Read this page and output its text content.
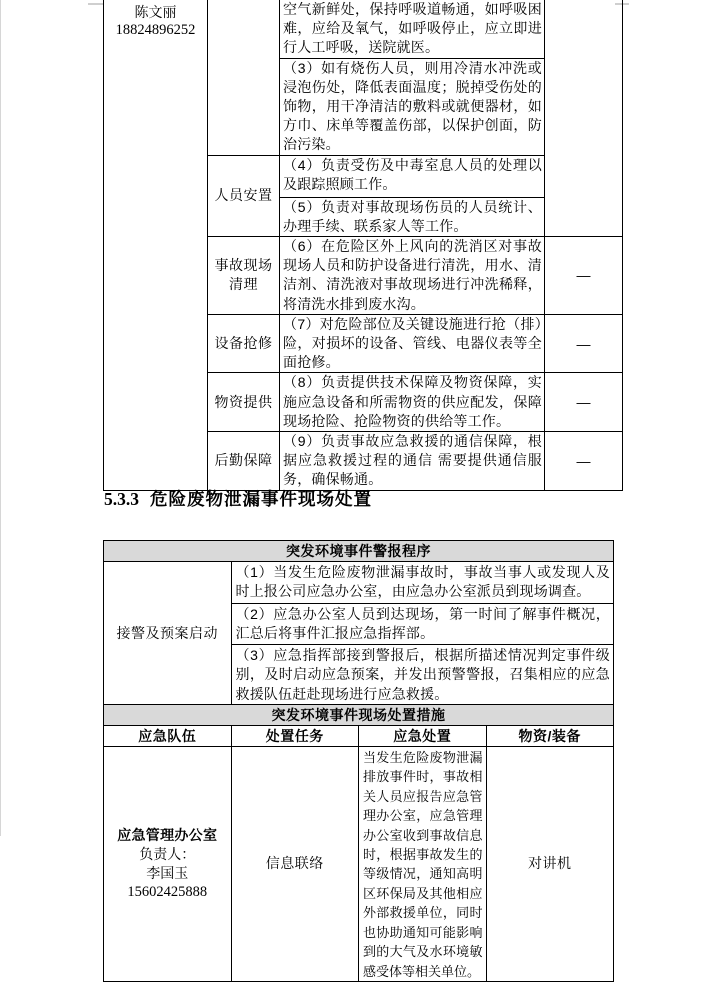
陈文丽
18824896252		空气新鲜处，保持呼吸道畅通，如呼吸困难，应给及氧气，如呼吸停止，应立即进行人工呼吸，送院就医。	
		（3）如有烧伤人员，则用冷清水冲洗或浸泡伤处，降低表面温度；脱掉受伤处的饰物，用干净清洁的敷料或就便器材，如方巾、床单等覆盖伤部，以保护创面，防治污染。	
	人员安置	（4）负责受伤及中毒室息人员的处理以及跟踪照顾工作。	
		（5）负责对事故现场伤员的人员统计、办理手续、联系家人等工作。	
	事故现场清理	（6）在危险区外上风向的洗消区对事故现场人员和防护设备进行清洗，用水、清洁剂、清洗液对事故现场进行冲洗稀释，将清洗水排到废水沟。	—
	设备抢修	（7）对危险部位及关键设施进行抢（排）险，对损坏的设备、管线、电器仪表等全面抢修。	—
	物资提供	（8）负责提供技术保障及物资保障，实施应急设备和所需物资的供应配发，保障现场抢险、抢险物资的供给等工作。	—
	后勤保障	（9）负责事故应急救援的通信保障，根据应急救援过程的通信 需要提供通信服务，确保畅通。	—
5.3.3 危险废物泄漏事件现场处置
突发环境事件警报程序			
接警及预案启动	（1）当发生危险废物泄漏事故时，事故当事人或发现人及时上报公司应急办公室，由应急办公室派员到现场调查。		
	（2）应急办公室人员到达现场，第一时间了解事件概况，汇总后将事件汇报应急指挥部。		
	（3）应急指挥部接到警报后，根据所描述情况判定事件级别，及时启动应急预案，并发出预警警报，召集相应的应急救援队伍赶赴现场进行应急救援。		
突发环境事件现场处置措施			
应急队伍	处置任务	应急处置	物资/装备

应急管理办公室
负责人：
李国玉
15602425888	信息联络	当发生危险废物泄漏排放事件时，事故相关人员应报告应急管理办公室，应急管理办公室收到事故信息时，根据事故发生的等级情况，通知高明区环保局及其他相应外部救援单位，同时也协助通知可能影响到的大气及水环境敏感受体等相关单位。	对讲机
